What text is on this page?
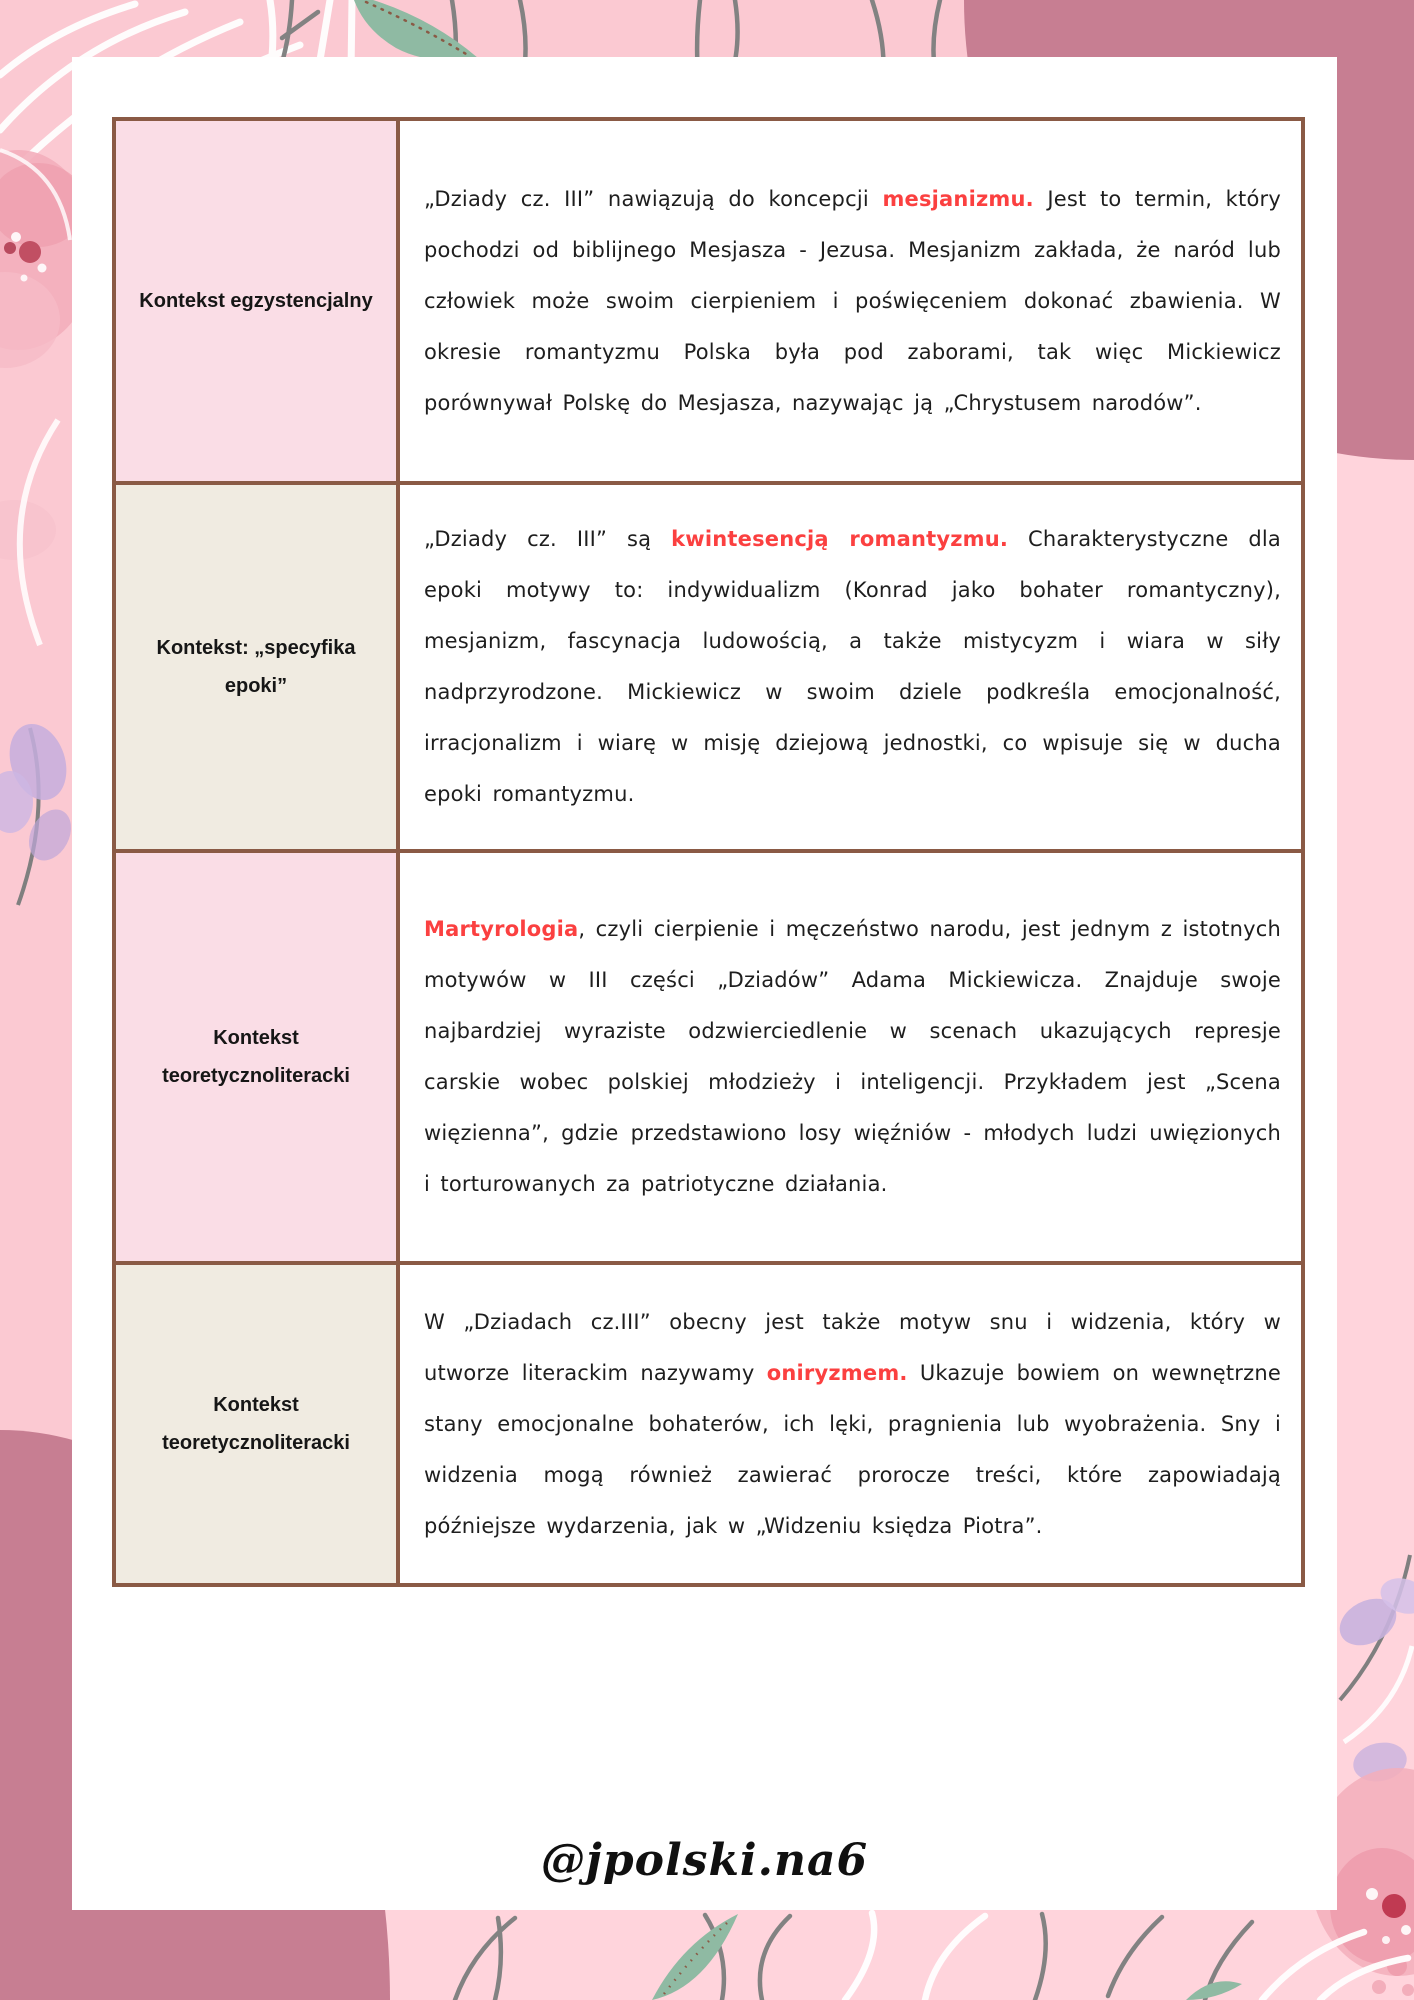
Kontekst egzystencjalny

„Dziady cz. III” nawiązują do koncepcji mesjanizmu. Jest to termin, który pochodzi od biblijnego Mesjasza - Jezusa. Mesjanizm zakłada, że naród lub człowiek może swoim cierpieniem i poświęceniem dokonać zbawienia. W okresie romantyzmu Polska była pod zaborami, tak więc Mickiewicz porównywał Polskę do Mesjasza, nazywając ją „Chrystusem narodów”.

Kontekst: „specyfika epoki”

„Dziady cz. III” są kwintesencją romantyzmu. Charakterystyczne dla epoki motywy to: indywidualizm (Konrad jako bohater romantyczny), mesjanizm, fascynacja ludowością, a także mistycyzm i wiara w siły nadprzyrodzone. Mickiewicz w swoim dziele podkreśla emocjonalność, irracjonalizm i wiarę w misję dziejową jednostki, co wpisuje się w ducha epoki romantyzmu.

Kontekst teoretycznoliteracki

Martyrologia, czyli cierpienie i męczeństwo narodu, jest jednym z istotnych motywów w III części „Dziadów” Adama Mickiewicza. Znajduje swoje najbardziej wyraziste odzwierciedlenie w scenach ukazujących represje carskie wobec polskiej młodzieży i inteligencji. Przykładem jest „Scena więzienna”, gdzie przedstawiono losy więźniów - młodych ludzi uwięzionych i torturowanych za patriotyczne działania.

Kontekst teoretycznoliteracki

W „Dziadach cz.III” obecny jest także motyw snu i widzenia, który w utworze literackim nazywamy oniryzmem. Ukazuje bowiem on wewnętrzne stany emocjonalne bohaterów, ich lęki, pragnienia lub wyobrażenia. Sny i widzenia mogą również zawierać prorocze treści, które zapowiadają późniejsze wydarzenia, jak w „Widzeniu księdza Piotra”.

@jpolski.na6
